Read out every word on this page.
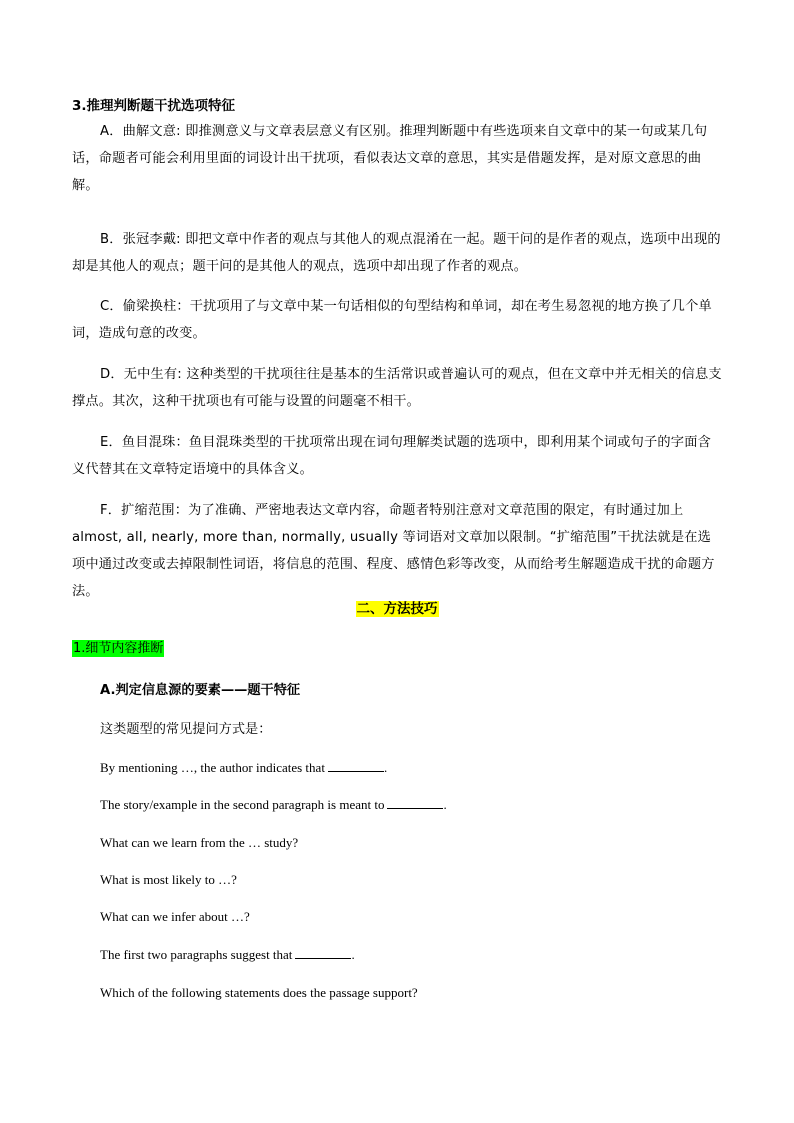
3.推理判断题干扰选项特征
A．曲解文意: 即推测意义与文章表层意义有区别。推理判断题中有些选项来自文章中的某一句或某几句话，命题者可能会利用里面的词设计出干扰项，看似表达文章的意思，其实是借题发挥，是对原文意思的曲解。
B．张冠李戴: 即把文章中作者的观点与其他人的观点混淆在一起。题干问的是作者的观点，选项中出现的却是其他人的观点；题干问的是其他人的观点，选项中却出现了作者的观点。
C．偷梁换柱：干扰项用了与文章中某一句话相似的句型结构和单词，却在考生易忽视的地方换了几个单词，造成句意的改变。
D．无中生有: 这种类型的干扰项往往是基本的生活常识或普遍认可的观点，但在文章中并无相关的信息支撑点。其次，这种干扰项也有可能与设置的问题毫不相干。
E．鱼目混珠：鱼目混珠类型的干扰项常出现在词句理解类试题的选项中，即利用某个词或句子的字面含义代替其在文章特定语境中的具体含义。
F．扩缩范围：为了准确、严密地表达文章内容，命题者特别注意对文章范围的限定，有时通过加上almost, all, nearly, more than, normally, usually 等词语对文章加以限制。“扩缩范围”干扰法就是在选项中通过改变或去掉限制性词语，将信息的范围、程度、感情色彩等改变，从而给考生解题造成干扰的命题方法。
二、方法技巧
1.细节内容推断
A.判定信息源的要素——题干特征
这类题型的常见提问方式是：
By mentioning …, the author indicates that	.
The story/example in the second paragraph is meant to	.
What can we learn from the … study?
What is most likely to …?
What can we infer about …?
The first two paragraphs suggest that	.
Which of the following statements does the passage support?
